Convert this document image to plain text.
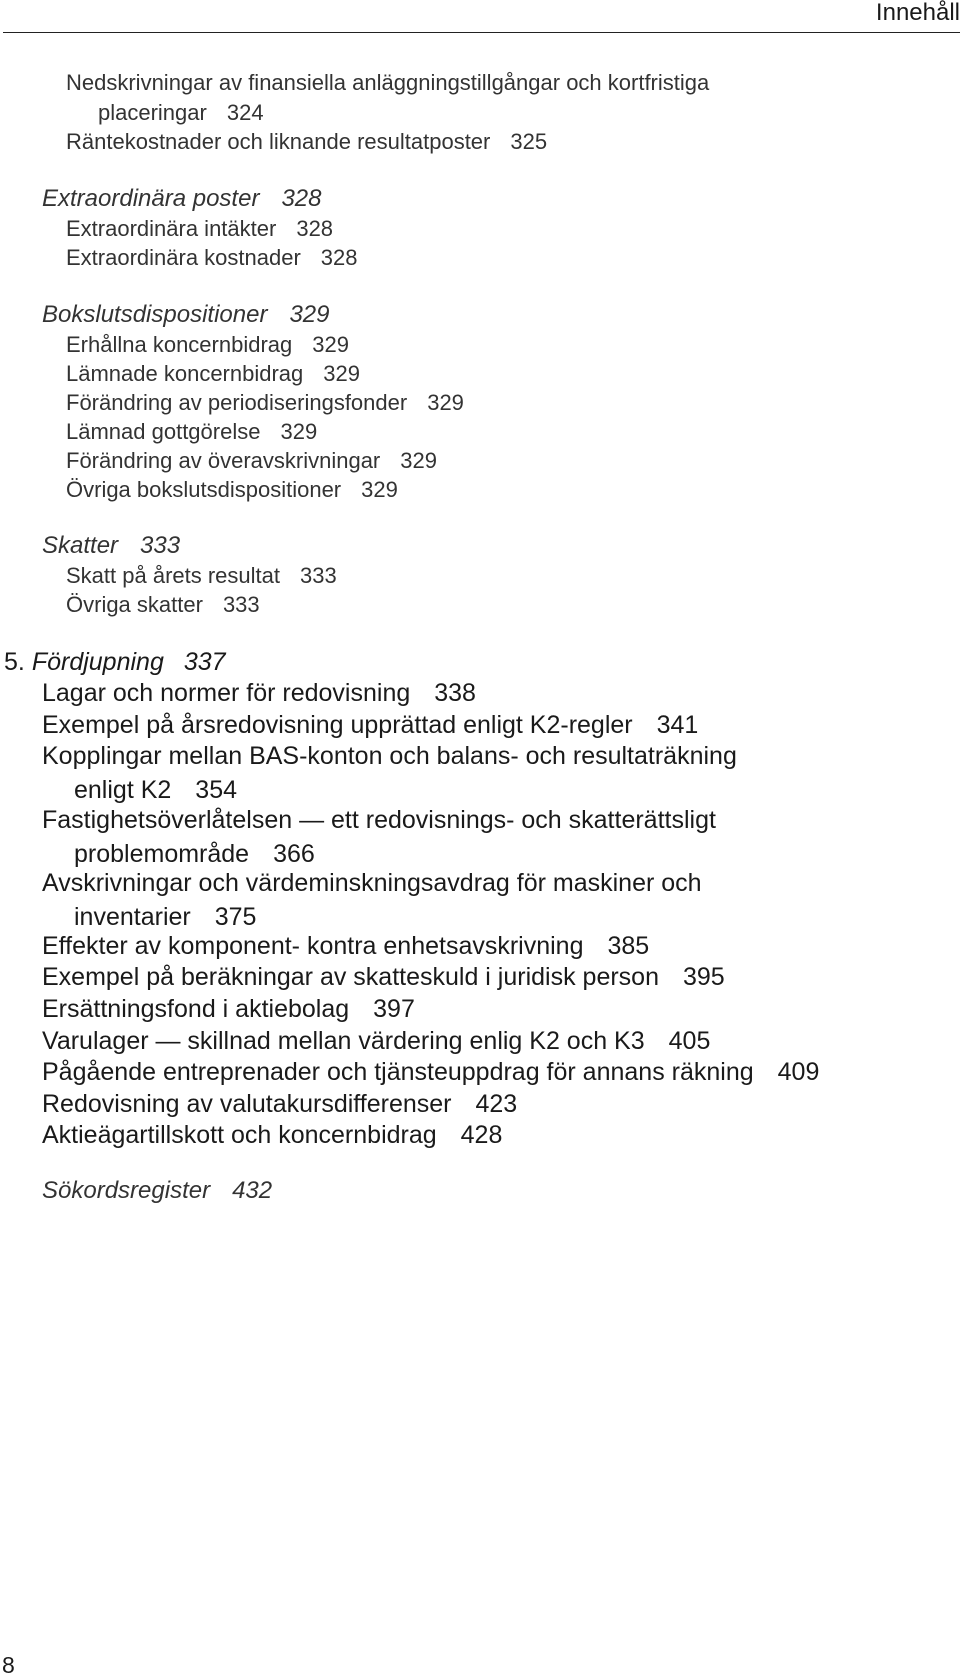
Innehåll
Nedskrivningar av finansiella anläggningstillgångar och kortfristiga
placeringar 324
Räntekostnader och liknande resultatposter 325
Extraordinära poster 328
Extraordinära intäkter 328
Extraordinära kostnader 328
Bokslutsdispositioner 329
Erhållna koncernbidrag 329
Lämnade koncernbidrag 329
Förändring av periodiseringsfonder 329
Lämnad gottgörelse 329
Förändring av överavskrivningar 329
Övriga bokslutsdispositioner 329
Skatter 333
Skatt på årets resultat 333
Övriga skatter 333
5. Fördjupning 337
Lagar och normer för redovisning 338
Exempel på årsredovisning upprättad enligt K2-regler 341
Kopplingar mellan BAS-konton och balans- och resultaträkning
enligt K2 354
Fastighetsöverlåtelsen — ett redovisnings- och skatterättsligt
problemområde 366
Avskrivningar och värdeminskningsavdrag för maskiner och
inventarier 375
Effekter av komponent- kontra enhetsavskrivning 385
Exempel på beräkningar av skatteskuld i juridisk person 395
Ersättningsfond i aktiebolag 397
Varulager — skillnad mellan värdering enlig K2 och K3 405
Pågående entreprenader och tjänsteuppdrag för annans räkning 409
Redovisning av valutakursdifferenser 423
Aktieägartillskott och koncernbidrag 428
Sökordsregister 432
8
